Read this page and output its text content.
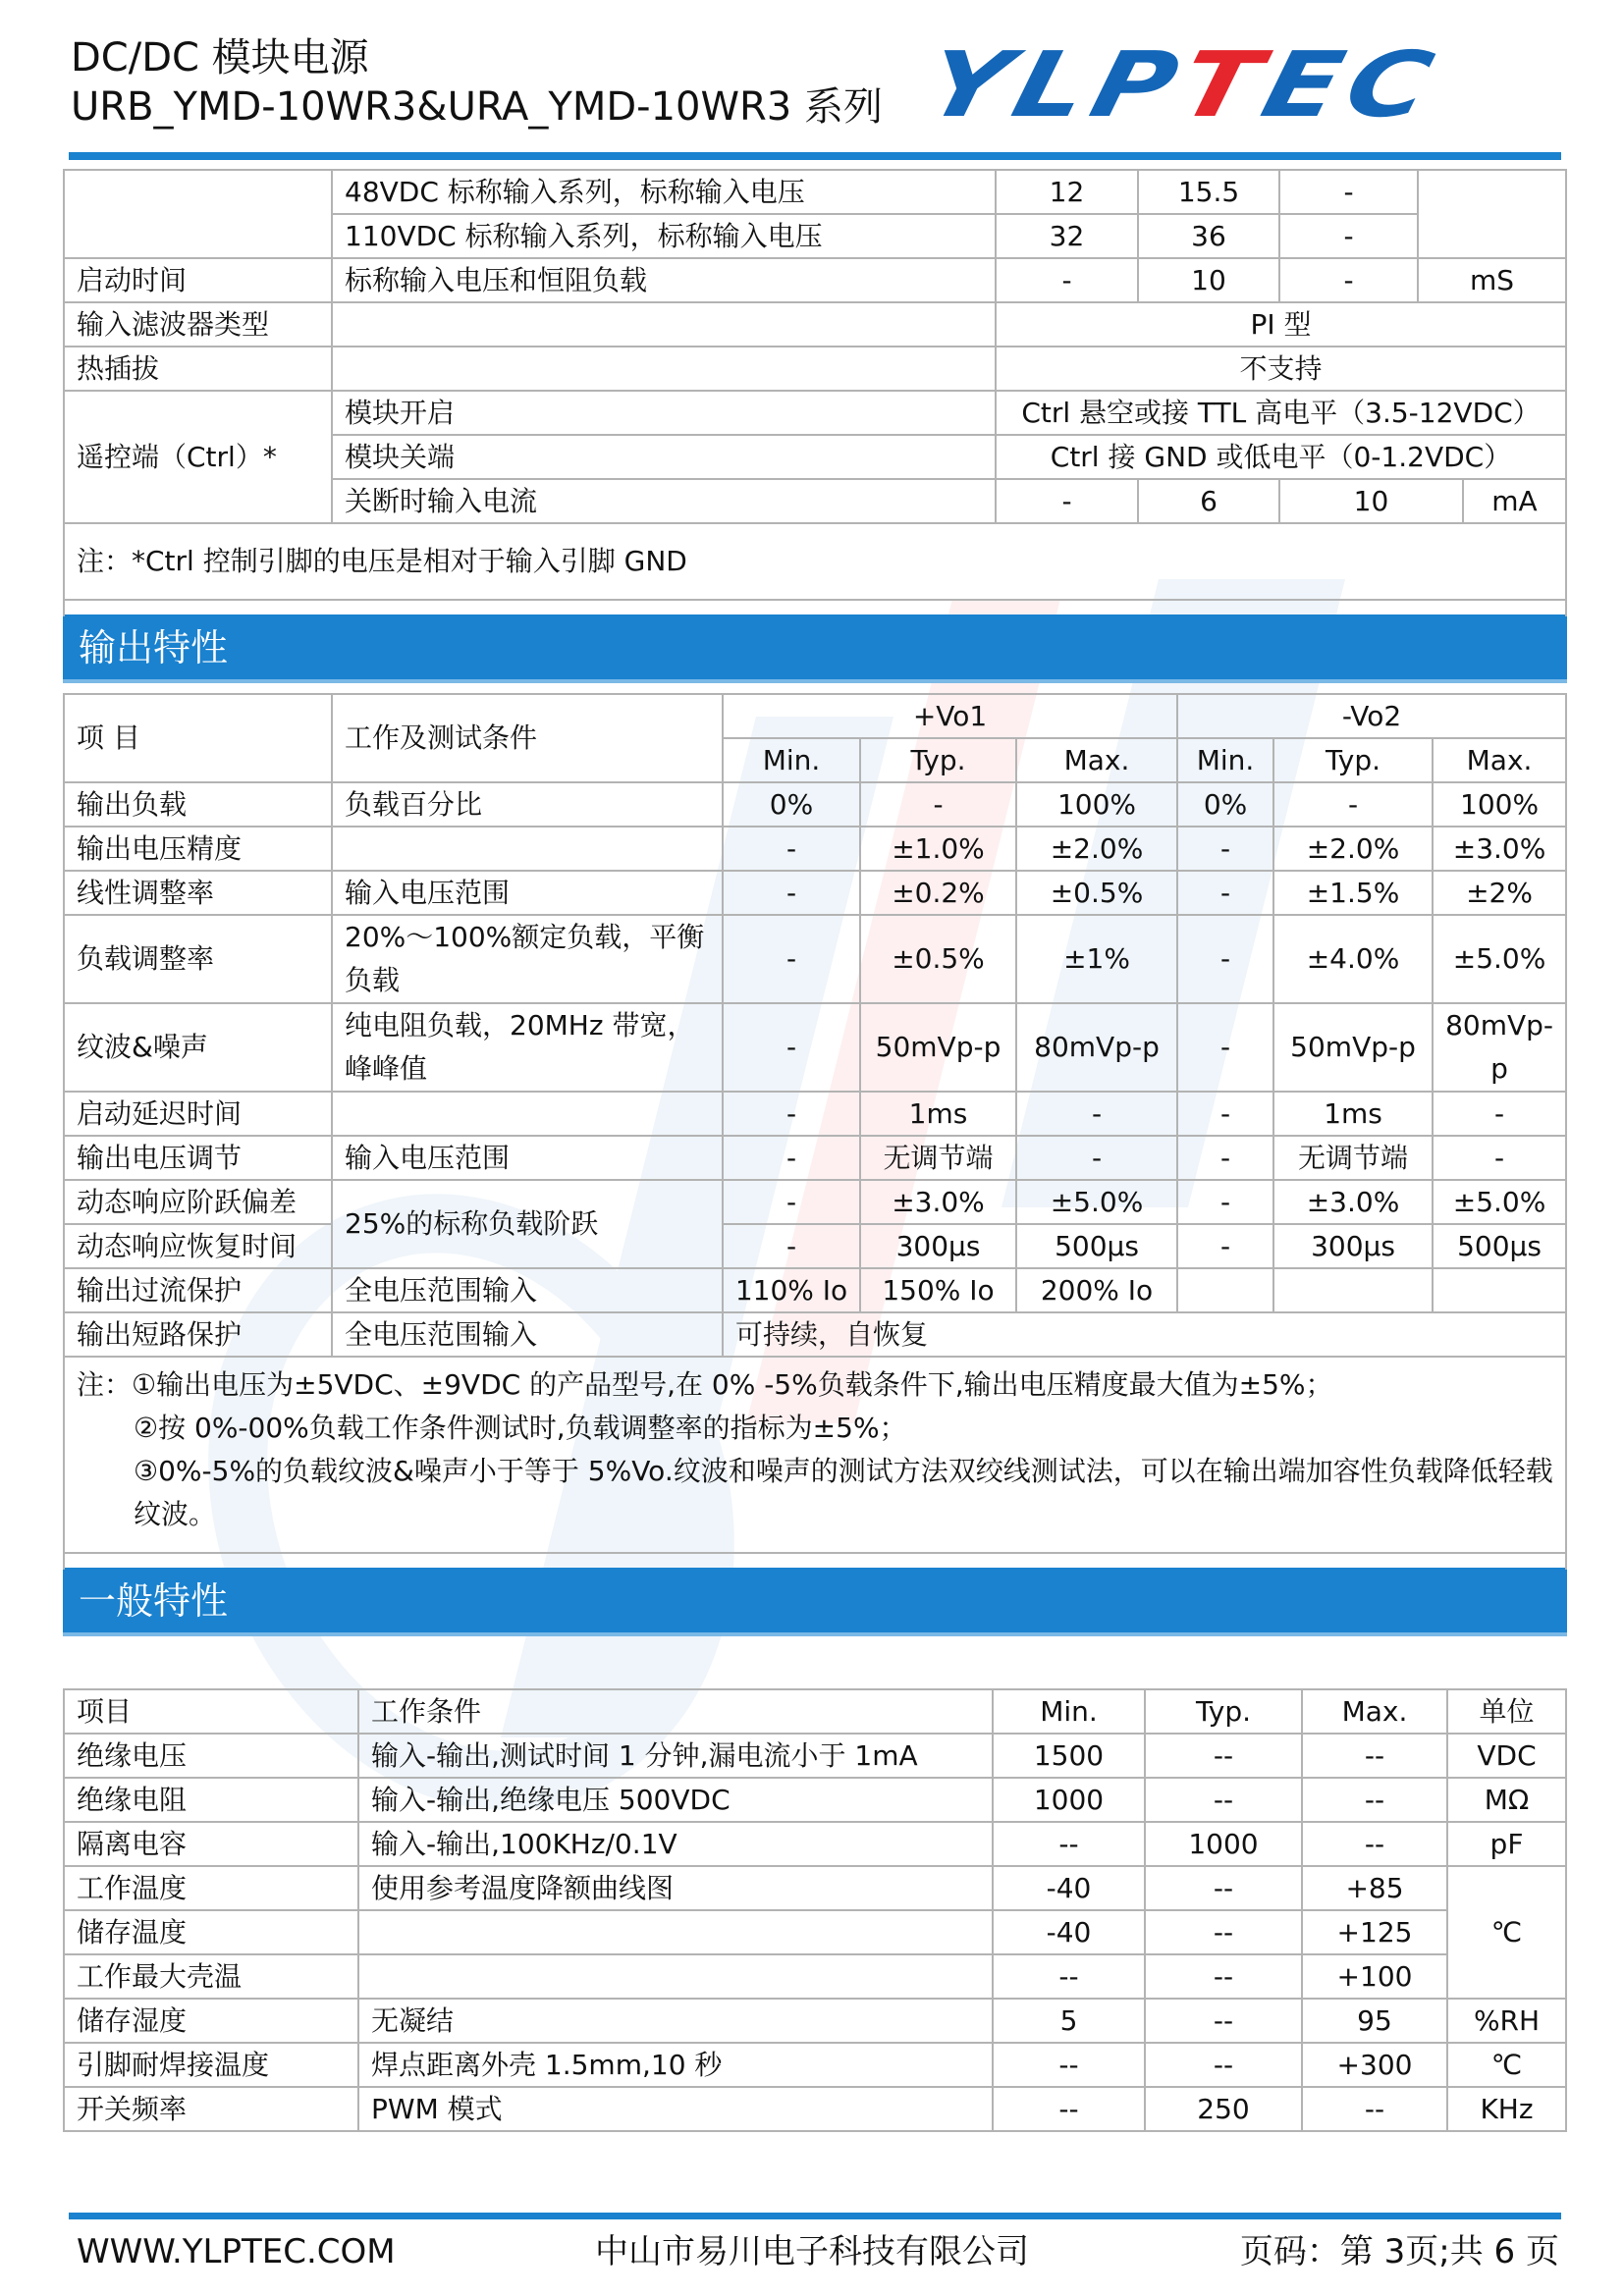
DC/DC 模块电源
URB_YMD-10WR3&URA_YMD-10WR3 系列 YLPTEC
	48VDC 标称输入系列，标称输入电压	12	15.5	-		
	110VDC 标称输入系列，标称输入电压	32	36	-		
启动时间	标称输入电压和恒阻负载	-	10	-	mS	
输入滤波器类型		PI 型				
热插拔		不支持				
遥控端（Ctrl）*	模块开启	Ctrl 悬空或接 TTL 高电平（3.5-12VDC）				
	模块关端	Ctrl 接 GND 或低电平（0-1.2VDC）				
	关断时输入电流	-	6	10		mA
注：*Ctrl 控制引脚的电压是相对于输入引脚 GND						

输出特性						
项 目	工作及测试条件	+Vo1			-Vo2		
		Min.	Typ.	Max.	Min.	Typ.	Max.
输出负载	负载百分比	0%	-	100%	0%	-	100%
输出电压精度		-	±1.0%	±2.0%	-	±2.0%	±3.0%
线性调整率	输入电压范围	-	±0.2%	±0.5%	-	±1.5%	±2%
负载调整率	20%～100%额定负载，平衡负载	-	±0.5%	±1%	-	±4.0%	±5.0%
纹波&噪声	纯电阻负载，20MHz 带宽，峰峰值	-	50mVp-p	80mVp-p	-	50mVp-p	80mVp-p
启动延迟时间		-	1ms	-	-	1ms	-
输出电压调节	输入电压范围	-	无调节端	-	-	无调节端	-
动态响应阶跃偏差	25%的标称负载阶跃	-	±3.0%	±5.0%	-	±3.0%	±5.0%
动态响应恢复时间		-	300μs	500μs	-	300μs	500μs
输出过流保护	全电压范围输入	110% Io	150% Io	200% Io			
输出短路保护	全电压范围输入	可持续，自恢复					

注：①输出电压为±5VDC、±9VDC 的产品型号,在 0% -5%负载条件下,输出电压精度最大值为±5%；
②按 0%-00%负载工作条件测试时,负载调整率的指标为±5%；
③0%-5%的负载纹波&噪声小于等于 5%Vo.纹波和噪声的测试方法双绞线测试法，可以在输出端加容性负载降低轻载纹波。							

一般特性							
项目	工作条件	Min.	Typ.	Max.	单位
绝缘电压	输入-输出,测试时间 1 分钟,漏电流小于 1mA	1500	--	--	VDC
绝缘电阻	输入-输出,绝缘电压 500VDC	1000	--	--	MΩ
隔离电容	输入-输出,100KHz/0.1V	--	1000	--	pF
工作温度	使用参考温度降额曲线图	-40	--	+85	℃
储存温度		-40	--	+125	
工作最大壳温		--	--	+100	
储存湿度	无凝结	5	--	95	%RH
引脚耐焊接温度	焊点距离外壳 1.5mm,10 秒	--	--	+300	℃
开关频率	PWM 模式	--	250	--	KHz
中山市易川电子科技有限公司
WWW.YLPTEC.COM	页码：第 3页;共 6 页
